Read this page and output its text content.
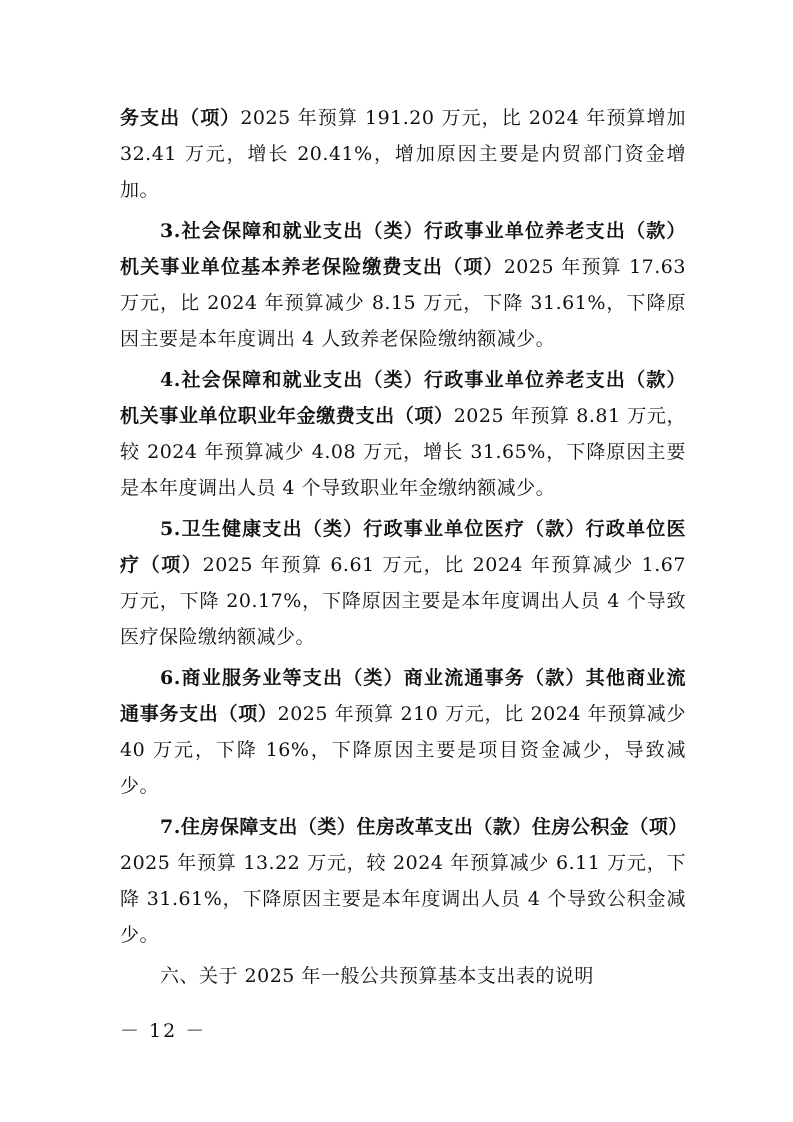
务支出（项）2025 年预算 191.20 万元，比 2024 年预算增加 32.41 万元，增长 20.41%，增加原因主要是内贸部门资金增加。

3.社会保障和就业支出（类）行政事业单位养老支出（款）机关事业单位基本养老保险缴费支出（项）2025 年预算 17.63 万元，比 2024 年预算减少 8.15 万元，下降 31.61%，下降原因主要是本年度调出 4 人致养老保险缴纳额减少。

4.社会保障和就业支出（类）行政事业单位养老支出（款）机关事业单位职业年金缴费支出（项）2025 年预算 8.81 万元，较 2024 年预算减少 4.08 万元，增长 31.65%，下降原因主要是本年度调出人员 4 个导致职业年金缴纳额减少。

5.卫生健康支出（类）行政事业单位医疗（款）行政单位医疗（项）2025 年预算 6.61 万元，比 2024 年预算减少 1.67 万元，下降 20.17%，下降原因主要是本年度调出人员 4 个导致医疗保险缴纳额减少。

6.商业服务业等支出（类）商业流通事务（款）其他商业流通事务支出（项）2025 年预算 210 万元，比 2024 年预算减少 40 万元，下降 16%，下降原因主要是项目资金减少，导致减少。

7.住房保障支出（类）住房改革支出（款）住房公积金（项）2025 年预算 13.22 万元，较 2024 年预算减少 6.11 万元，下降 31.61%，下降原因主要是本年度调出人员 4 个导致公积金减少。

六、关于 2025 年一般公共预算基本支出表的说明

－ 12 －
